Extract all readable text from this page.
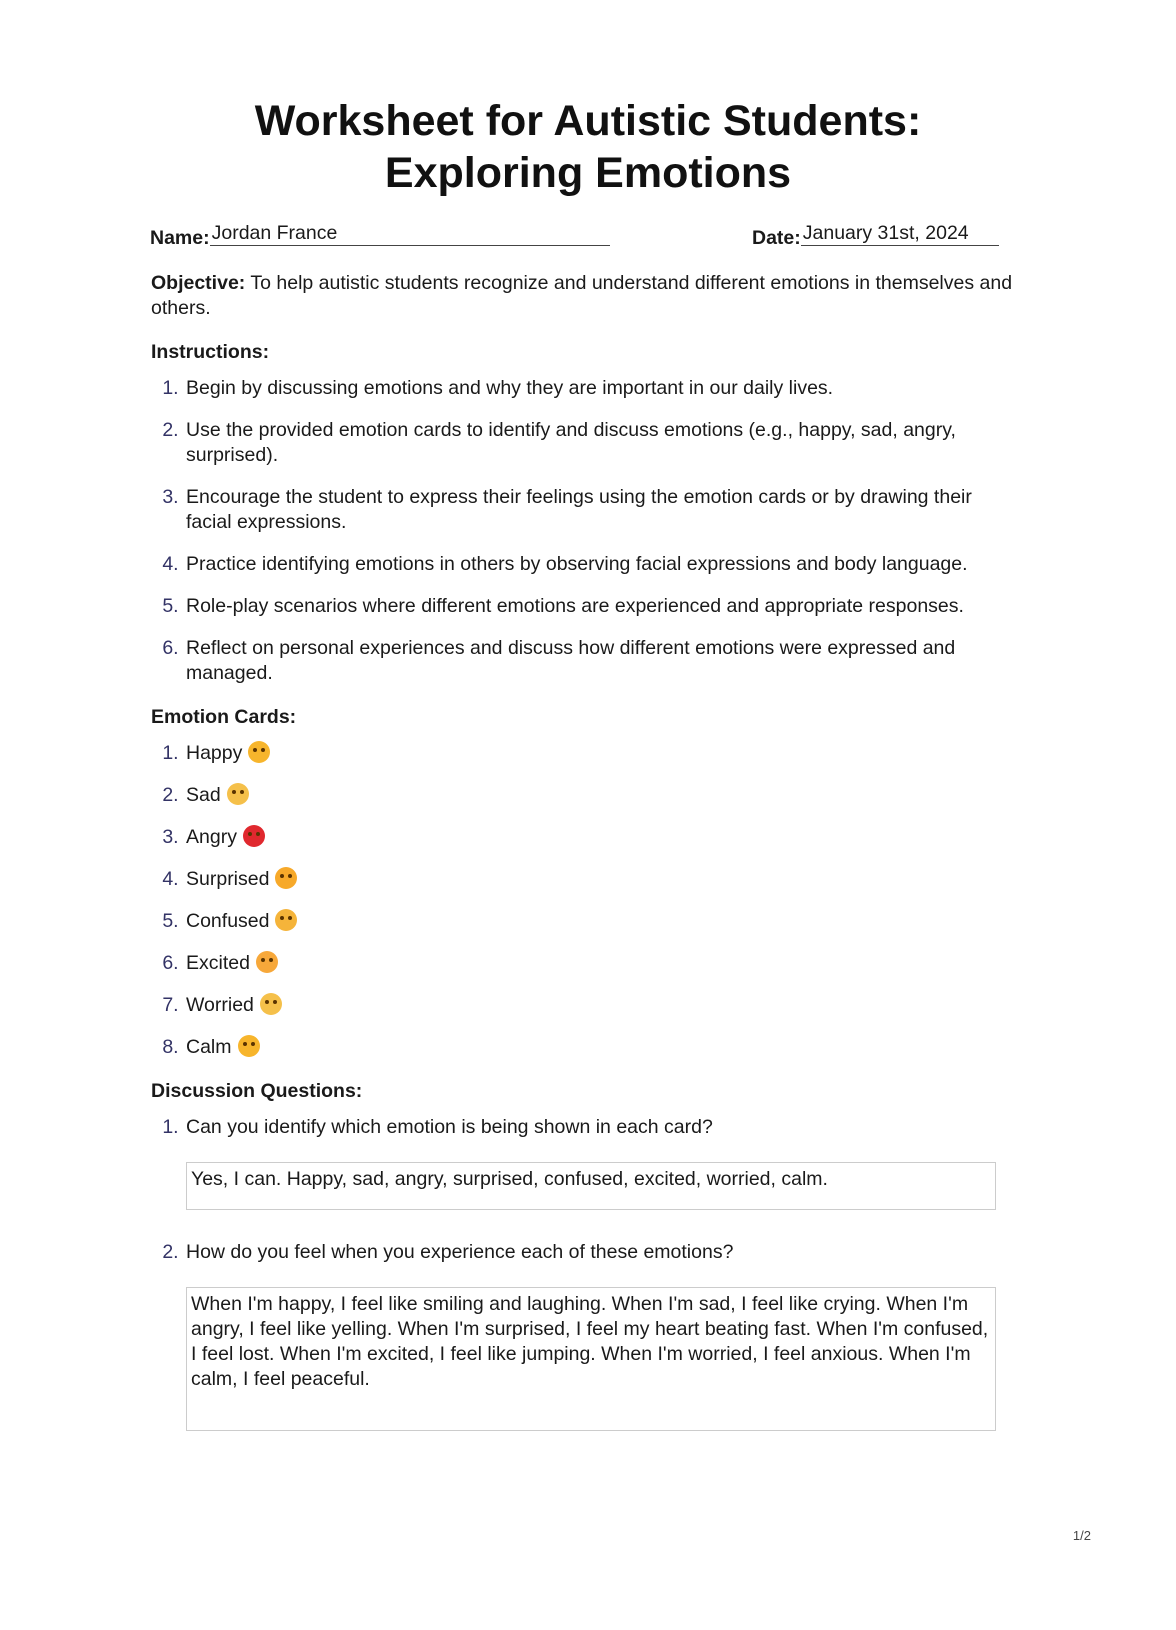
Worksheet for Autistic Students: Exploring Emotions
Name: Jordan France	Date: January 31st, 2024

Objective: To help autistic students recognize and understand different emotions in themselves and others.

Instructions:
1. Begin by discussing emotions and why they are important in our daily lives.
2. Use the provided emotion cards to identify and discuss emotions (e.g., happy, sad, angry, surprised).
3. Encourage the student to express their feelings using the emotion cards or by drawing their facial expressions.
4. Practice identifying emotions in others by observing facial expressions and body language.
5. Role-play scenarios where different emotions are experienced and appropriate responses.
6. Reflect on personal experiences and discuss how different emotions were expressed and managed.
Emotion Cards:
1. Happy
2. Sad
3. Angry
4. Surprised
5. Confused
6. Excited
7. Worried
8. Calm
Discussion Questions:
1. Can you identify which emotion is being shown in each card?
Yes, I can. Happy, sad, angry, surprised, confused, excited, worried, calm.
2. How do you feel when you experience each of these emotions?
When I'm happy, I feel like smiling and laughing. When I'm sad, I feel like crying. When I'm angry, I feel like yelling. When I'm surprised, I feel my heart beating fast. When I'm confused, I feel lost. When I'm excited, I feel like jumping. When I'm worried, I feel anxious. When I'm calm, I feel peaceful.
1/2
